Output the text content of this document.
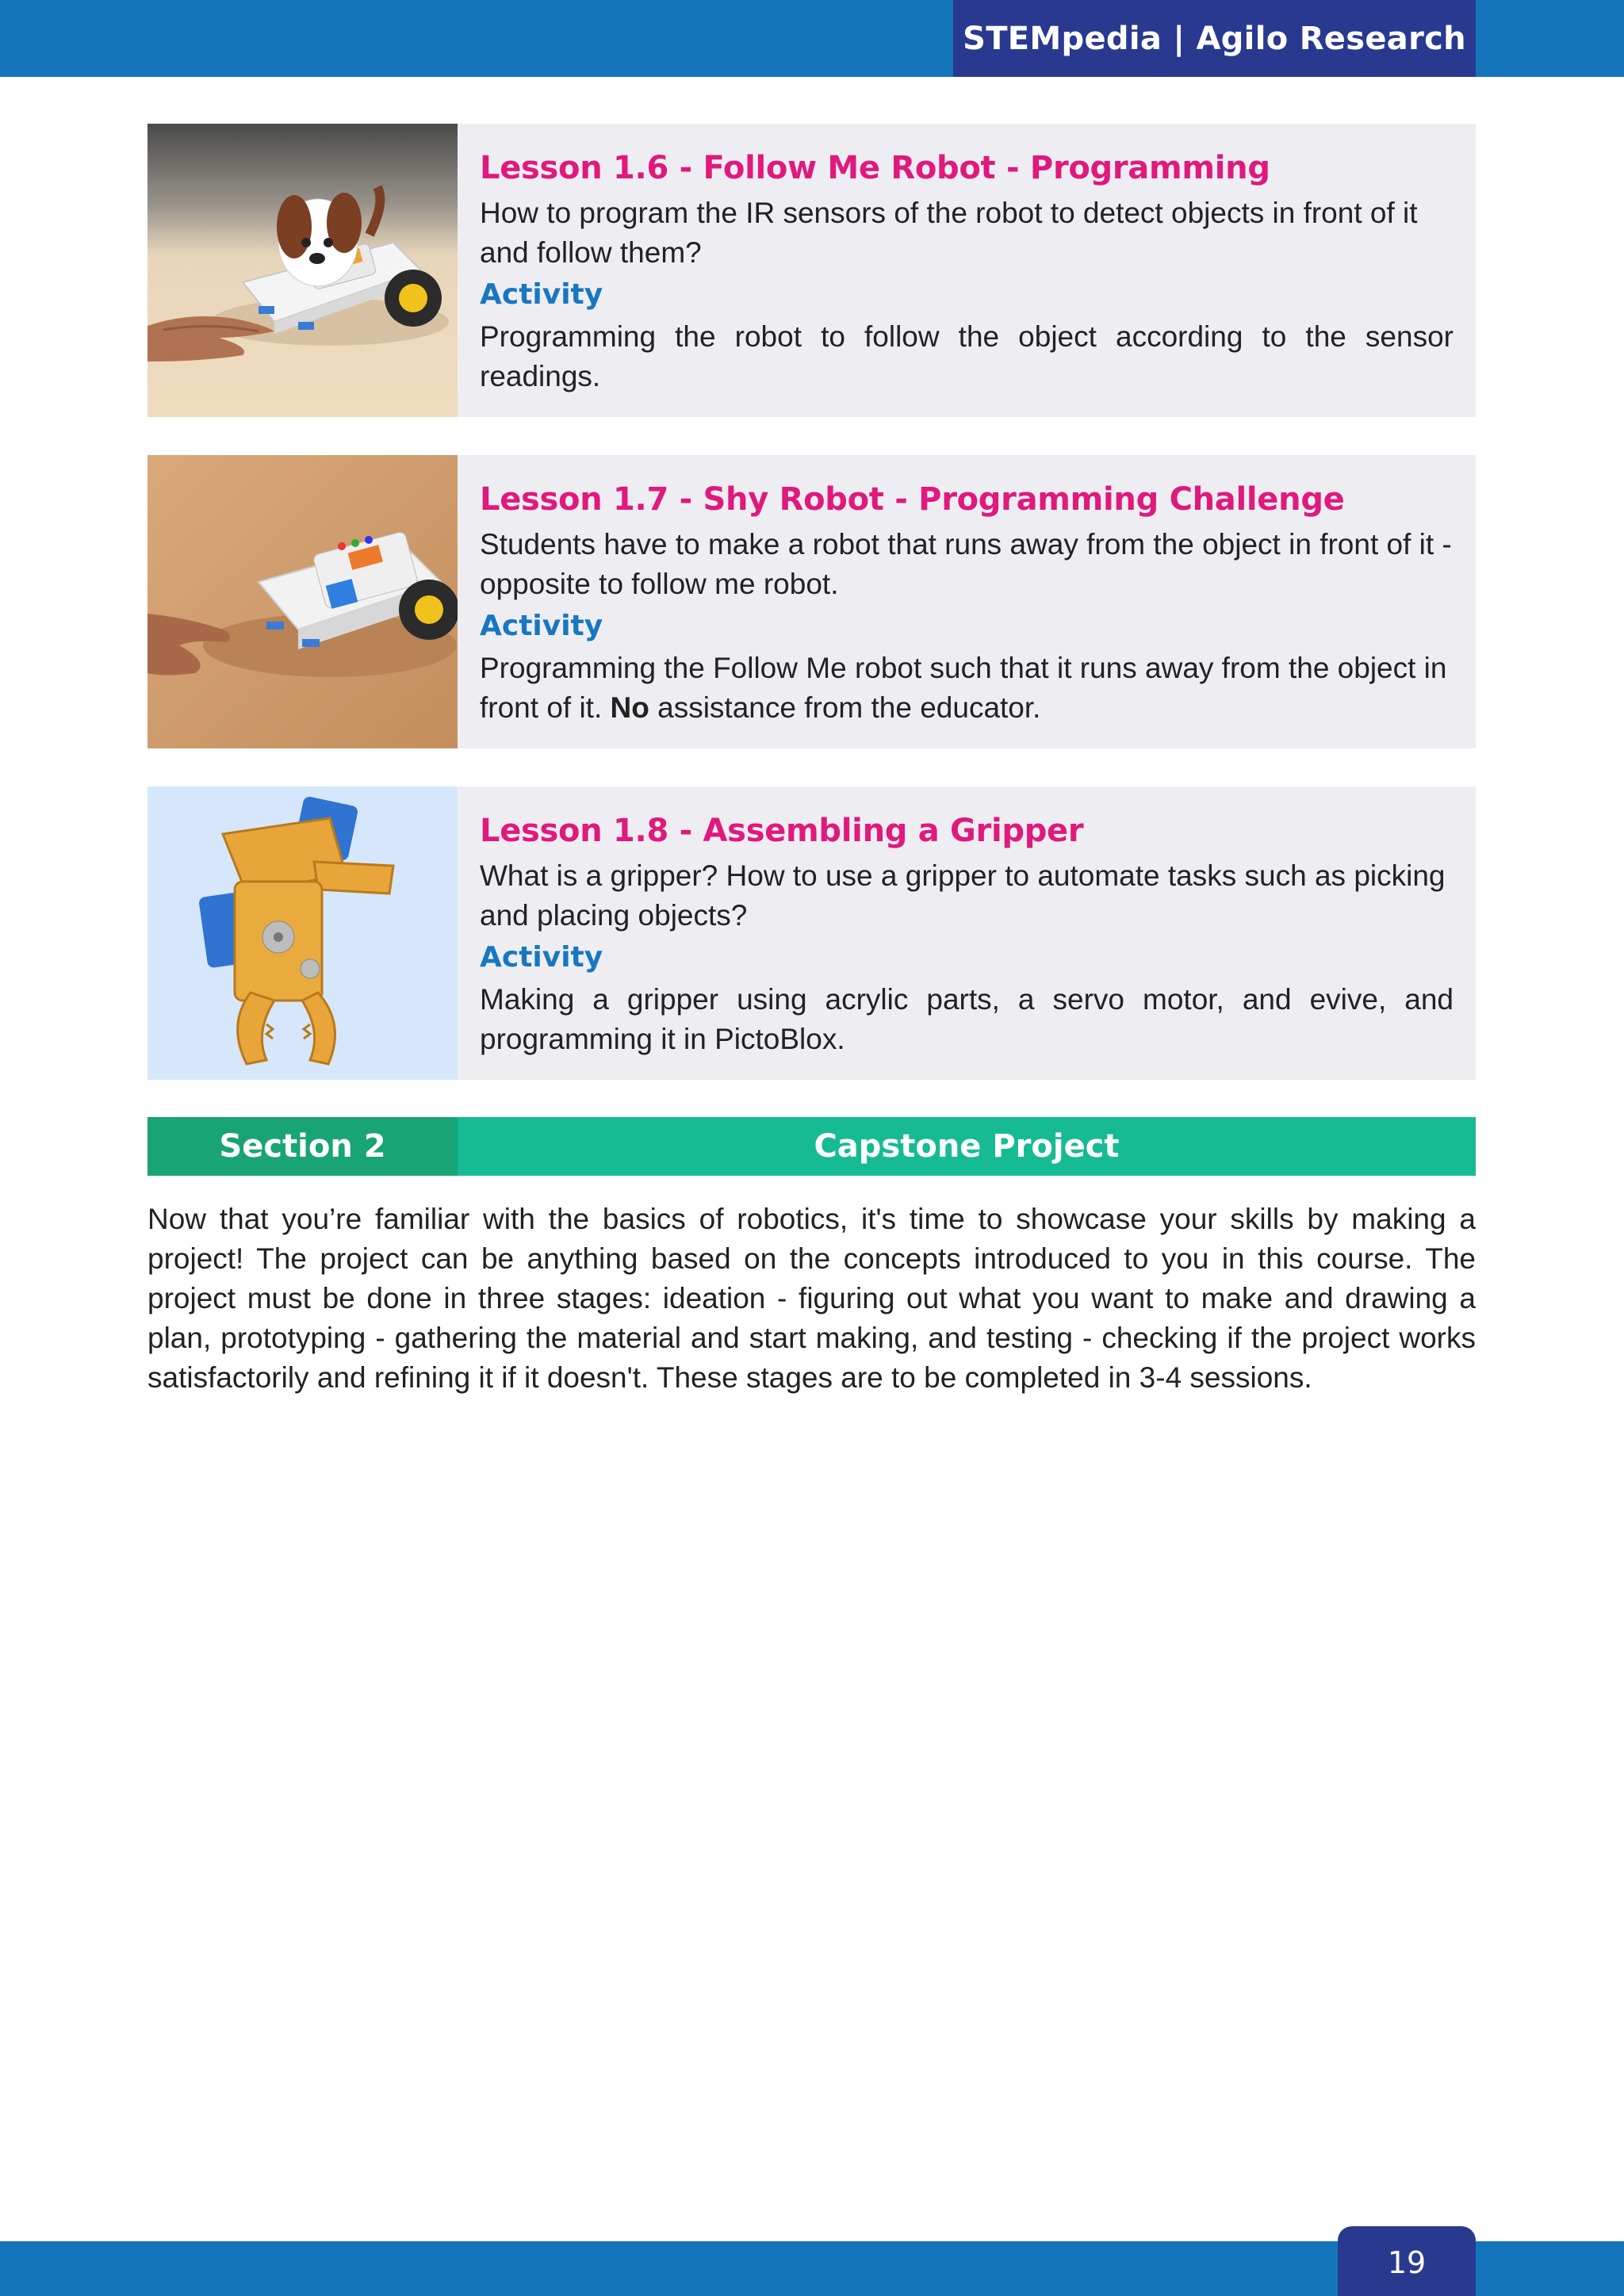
STEMpedia | Agilo Research
Lesson 1.6 - Follow Me Robot - Programming

How to program the IR sensors of the robot to detect objects in front of it and follow them?

Activity

Programming the robot to follow the object according to the sensor readings.

Lesson 1.7 - Shy Robot - Programming Challenge

Students have to make a robot that runs away from the object in front of it - opposite to follow me robot.

Activity

Programming the Follow Me robot such that it runs away from the object in front of it. No assistance from the educator.

Lesson 1.8 - Assembling a Gripper

What is a gripper? How to use a gripper to automate tasks such as picking and placing objects?

Activity

Making a gripper using acrylic parts, a servo motor, and evive, and programming it in PictoBlox.

Section 2	Capstone Project

Now that you’re familiar with the basics of robotics, it's time to showcase your skills by making a project! The project can be anything based on the concepts introduced to you in this course. The project must be done in three stages: ideation - figuring out what you want to make and drawing a plan, prototyping - gathering the material and start making, and testing - checking if the project works satisfactorily and refining it if it doesn't. These stages are to be completed in 3-4 sessions.

19
